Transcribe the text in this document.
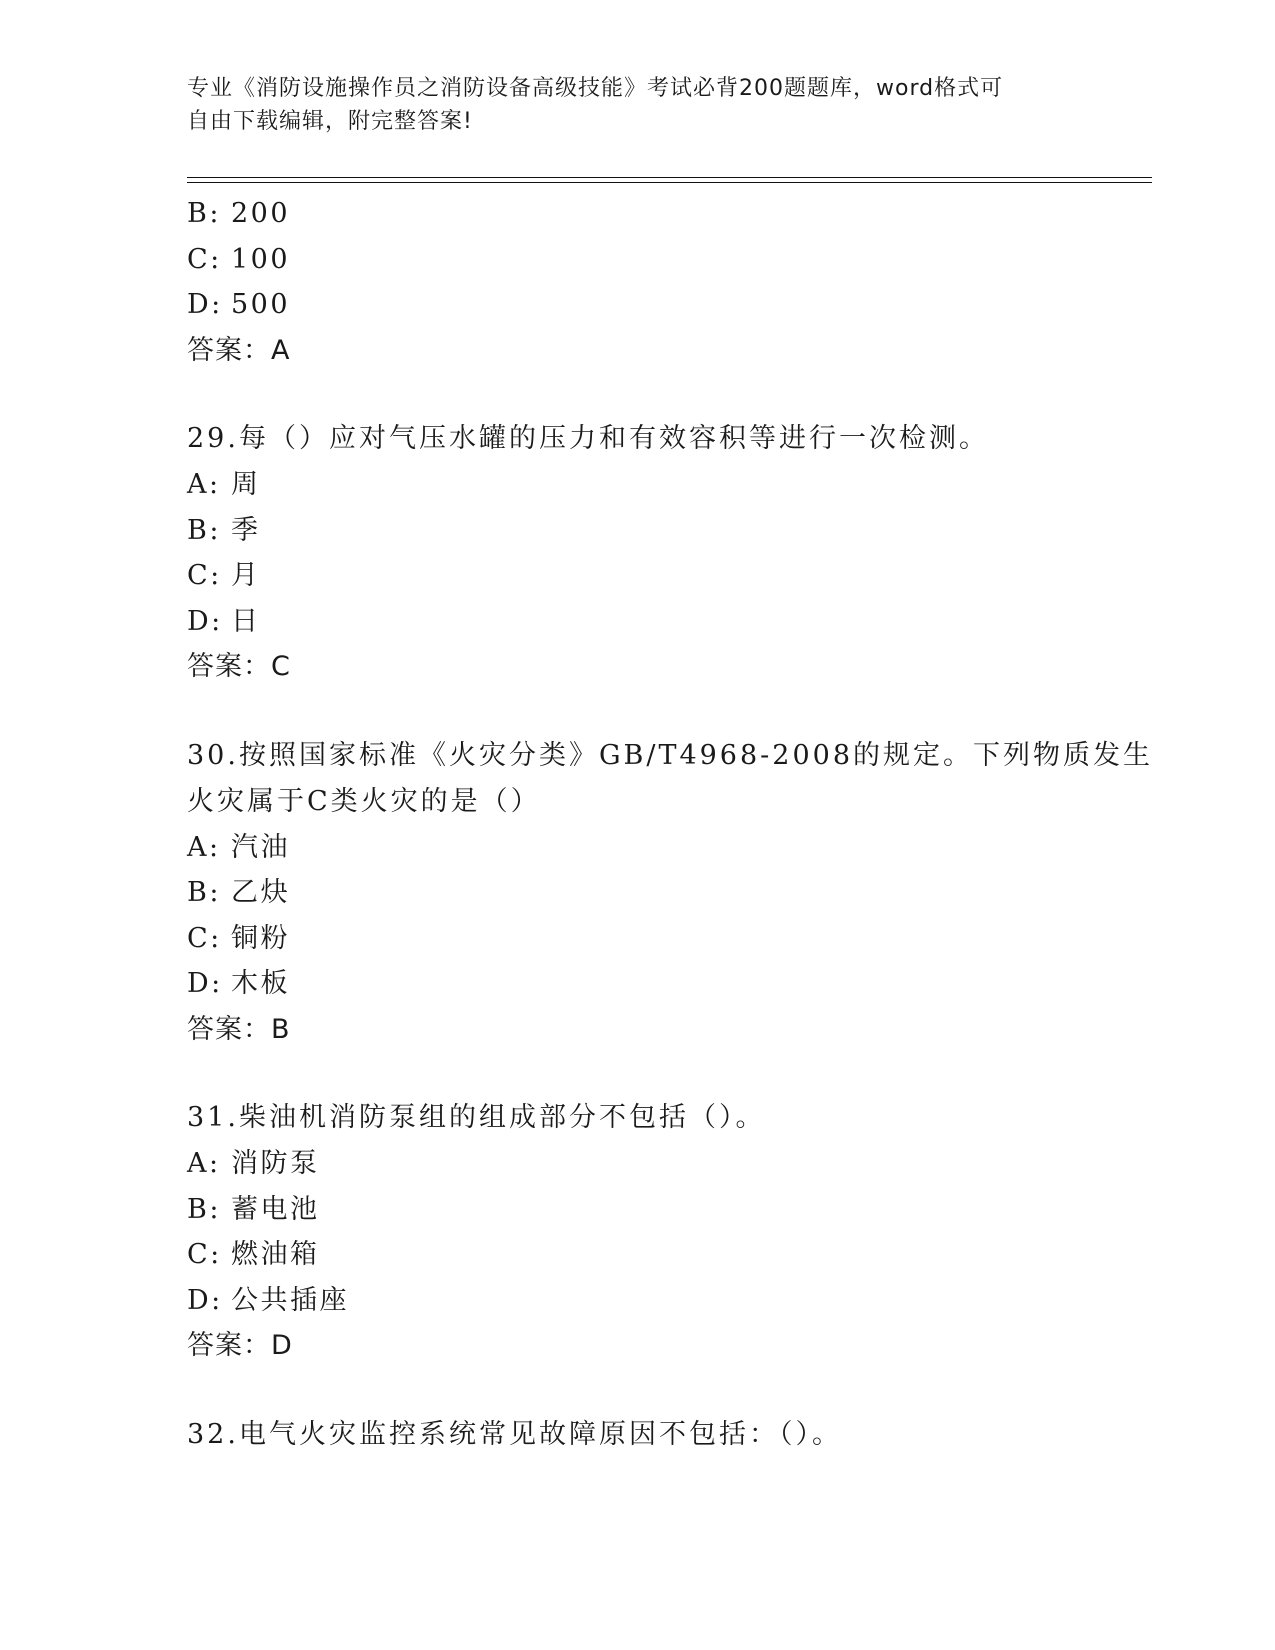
专业《消防设施操作员之消防设备高级技能》考试必背200题题库，word格式可
自由下载编辑，附完整答案!
B: 200
C: 100
D: 500
答案：A
29.每（）应对气压水罐的压力和有效容积等进行一次检测。
A: 周
B: 季
C: 月
D: 日
答案：C
30.按照国家标准《火灾分类》GB/T4968-2008的规定。下列物质发生
火灾属于C类火灾的是（）
A: 汽油
B: 乙炔
C: 铜粉
D: 木板
答案：B
31.柴油机消防泵组的组成部分不包括（）。
A: 消防泵
B: 蓄电池
C: 燃油箱
D: 公共插座
答案：D
32.电气火灾监控系统常见故障原因不包括：（）。
